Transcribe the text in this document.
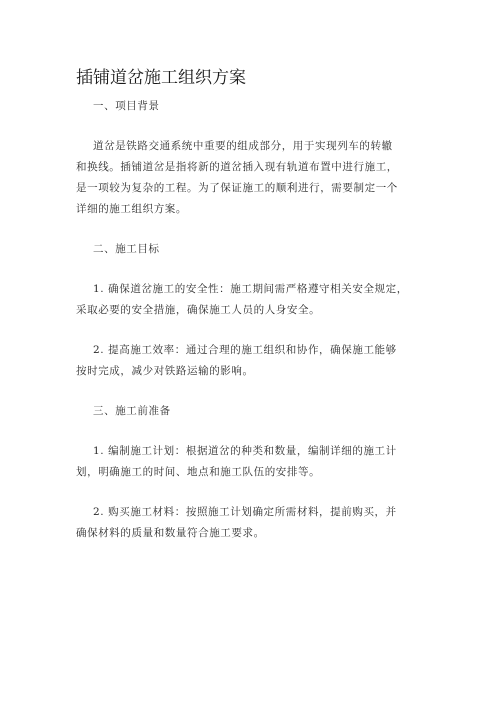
插铺道岔施工组织方案
一、项目背景
道岔是铁路交通系统中重要的组成部分，用于实现列车的转辙
和换线。插铺道岔是指将新的道岔插入现有轨道布置中进行施工，
是一项较为复杂的工程。为了保证施工的顺利进行，需要制定一个
详细的施工组织方案。
二、施工目标
1. 确保道岔施工的安全性：施工期间需严格遵守相关安全规定，
采取必要的安全措施，确保施工人员的人身安全。
2. 提高施工效率：通过合理的施工组织和协作，确保施工能够
按时完成，减少对铁路运输的影响。
三、施工前准备
1. 编制施工计划：根据道岔的种类和数量，编制详细的施工计
划，明确施工的时间、地点和施工队伍的安排等。
2. 购买施工材料：按照施工计划确定所需材料，提前购买，并
确保材料的质量和数量符合施工要求。
